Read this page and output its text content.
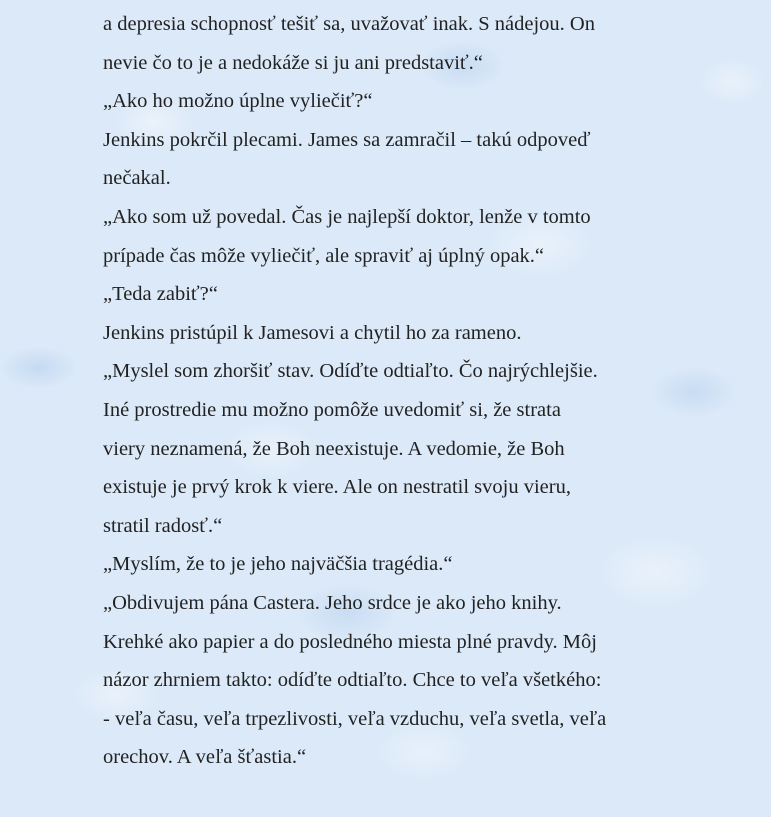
a depresia schopnosť tešiť sa, uvažovať inak. S nádejou. On
nevie čo to je a nedokáže si ju ani predstaviť.“
„Ako ho možno úplne vyliečiť?“
Jenkins pokrčil plecami. James sa zamračil – takú odpoveď
nečakal.
„Ako som už povedal. Čas je najlepší doktor, lenže v tomto
prípade čas môže vyliečiť, ale spraviť aj úplný opak.“
„Teda zabiť?“
Jenkins pristúpil k Jamesovi a chytil ho za rameno.
„Myslel som zhoršiť stav. Odíďte odtiaľto. Čo najrýchlejšie.
Iné prostredie mu možno pomôže uvedomiť si, že strata
viery neznamená, že Boh neexistuje. A vedomie, že Boh
existuje je prvý krok k viere. Ale on nestratil svoju vieru,
stratil radosť.“
„Myslím, že to je jeho najväčšia tragédia.“
„Obdivujem pána Castera. Jeho srdce je ako jeho knihy.
Krehké ako papier a do posledného miesta plné pravdy. Môj
názor zhrniem takto: odíďte odtiaľto. Chce to veľa všetkého:
- veľa času, veľa trpezlivosti, veľa vzduchu, veľa svetla, veľa
orechov. A veľa šťastia.“
